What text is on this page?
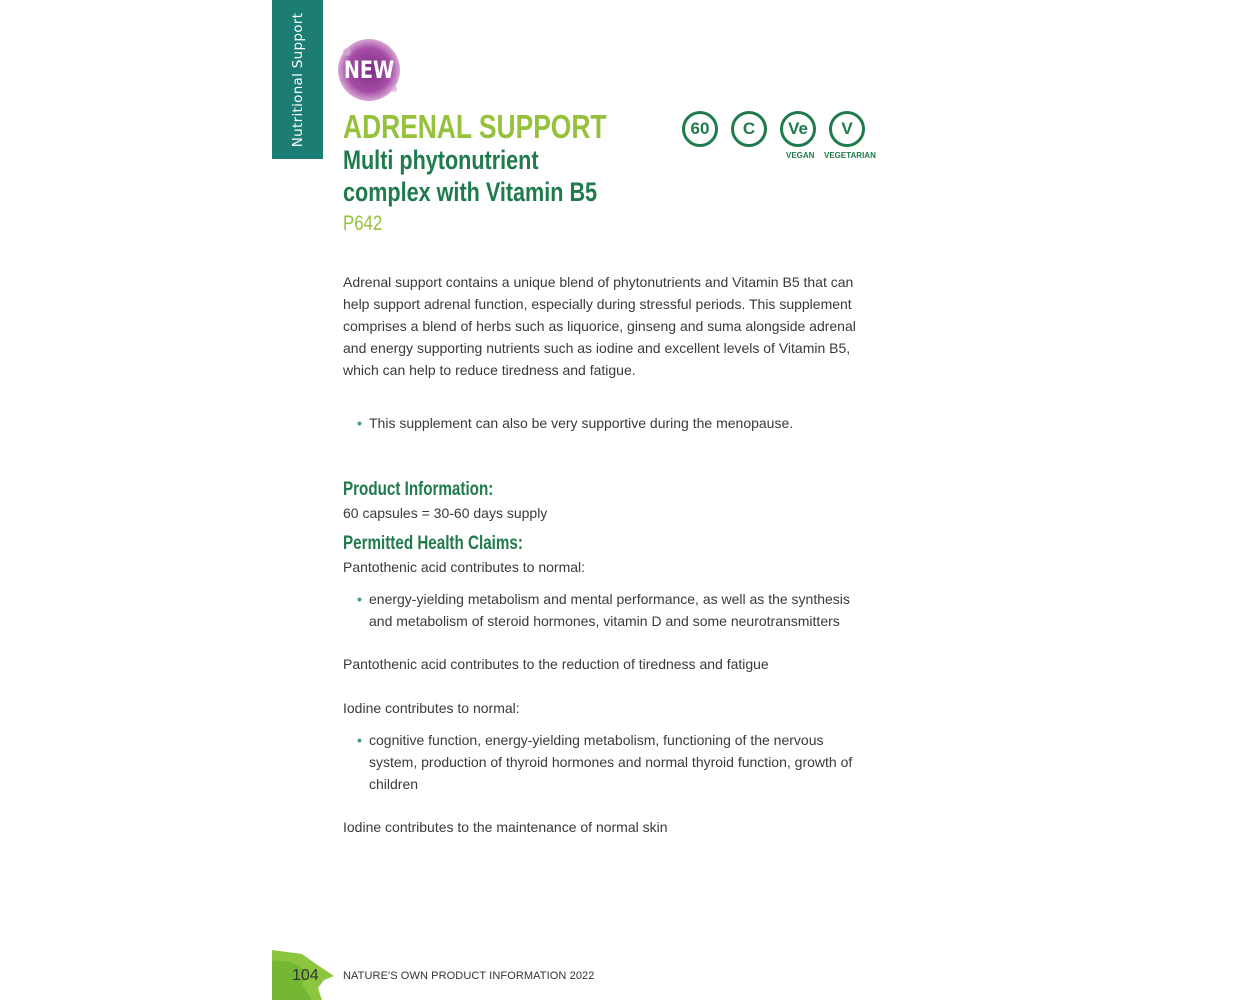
Nutritional Support NEW
ADRENAL SUPPORT
Multi phytonutrient complex with Vitamin B5
P642
60	C	Ve	V
VEGAN VEGETARIAN
Adrenal support contains a unique blend of phytonutrients and Vitamin B5 that can help support adrenal function, especially during stressful periods. This supplement comprises a blend of herbs such as liquorice, ginseng and suma alongside adrenal and energy supporting nutrients such as iodine and excellent levels of Vitamin B5, which can help to reduce tiredness and fatigue.
• This supplement can also be very supportive during the menopause.
Product Information:
60 capsules = 30-60 days supply
Permitted Health Claims:
Pantothenic acid contributes to normal:
• energy-yielding metabolism and mental performance, as well as the synthesis and metabolism of steroid hormones, vitamin D and some neurotransmitters
Pantothenic acid contributes to the reduction of tiredness and fatigue
Iodine contributes to normal:
• cognitive function, energy-yielding metabolism, functioning of the nervous system, production of thyroid hormones and normal thyroid function, growth of children
Iodine contributes to the maintenance of normal skin
104 NATURE'S OWN PRODUCT INFORMATION 2022
